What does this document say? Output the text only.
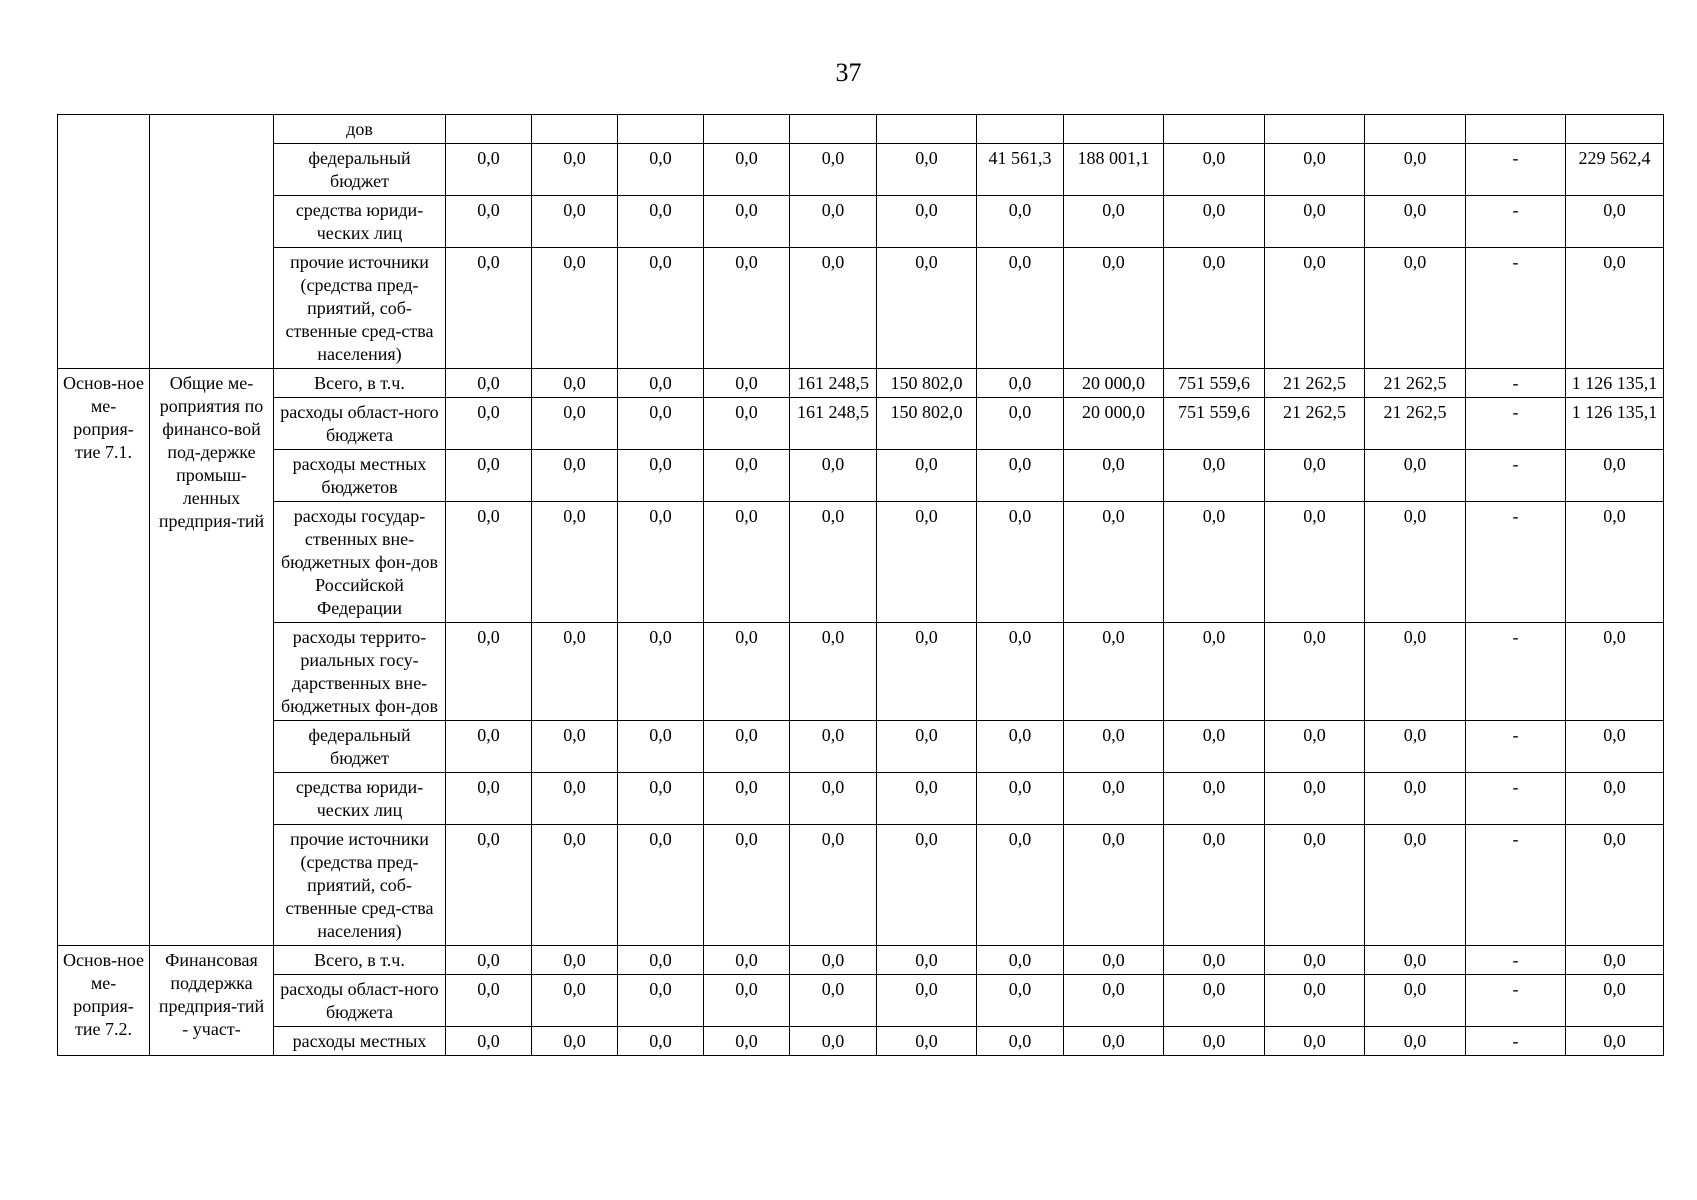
37
		дов													
		федеральный бюджет	0,0	0,0	0,0	0,0	0,0	0,0	41 561,3	188 001,1	0,0	0,0	0,0	-	229 562,4
		средства юриди-ческих лиц	0,0	0,0	0,0	0,0	0,0	0,0	0,0	0,0	0,0	0,0	0,0	-	0,0
		прочие источники (средства пред-приятий, соб-ственные сред-ства населения)	0,0	0,0	0,0	0,0	0,0	0,0	0,0	0,0	0,0	0,0	0,0	-	0,0
Основ-ное ме-роприя-тие 7.1.	Общие ме-роприятия по финансо-вой под-держке промыш-ленных предприя-тий	Всего, в т.ч.	0,0	0,0	0,0	0,0	161 248,5	150 802,0	0,0	20 000,0	751 559,6	21 262,5	21 262,5	-	1 126 135,1
		расходы област-ного бюджета	0,0	0,0	0,0	0,0	161 248,5	150 802,0	0,0	20 000,0	751 559,6	21 262,5	21 262,5	-	1 126 135,1
		расходы местных бюджетов	0,0	0,0	0,0	0,0	0,0	0,0	0,0	0,0	0,0	0,0	0,0	-	0,0
		расходы государ-ственных вне-бюджетных фон-дов Российской Федерации	0,0	0,0	0,0	0,0	0,0	0,0	0,0	0,0	0,0	0,0	0,0	-	0,0
		расходы террито-риальных госу-дарственных вне-бюджетных фон-дов	0,0	0,0	0,0	0,0	0,0	0,0	0,0	0,0	0,0	0,0	0,0	-	0,0
		федеральный бюджет	0,0	0,0	0,0	0,0	0,0	0,0	0,0	0,0	0,0	0,0	0,0	-	0,0
		средства юриди-ческих лиц	0,0	0,0	0,0	0,0	0,0	0,0	0,0	0,0	0,0	0,0	0,0	-	0,0
		прочие источники (средства пред-приятий, соб-ственные сред-ства населения)	0,0	0,0	0,0	0,0	0,0	0,0	0,0	0,0	0,0	0,0	0,0	-	0,0
Основ-ное ме-роприя-тие 7.2.	Финансовая поддержка предприя-тий - участ-	Всего, в т.ч.	0,0	0,0	0,0	0,0	0,0	0,0	0,0	0,0	0,0	0,0	0,0	-	0,0
		расходы област-ного бюджета	0,0	0,0	0,0	0,0	0,0	0,0	0,0	0,0	0,0	0,0	0,0	-	0,0
		расходы местных	0,0	0,0	0,0	0,0	0,0	0,0	0,0	0,0	0,0	0,0	0,0	-	0,0
